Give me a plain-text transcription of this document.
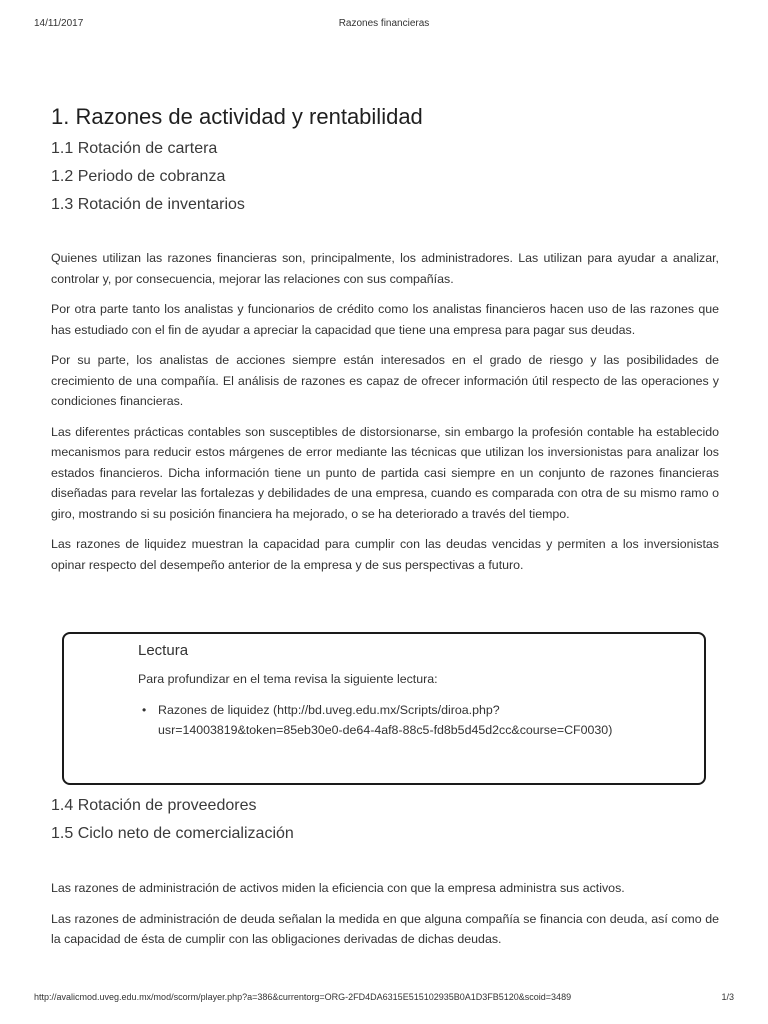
14/11/2017	Razones financieras
1. Razones de actividad y rentabilidad
1.1 Rotación de cartera
1.2 Periodo de cobranza
1.3 Rotación de inventarios

Quienes utilizan las razones financieras son, principalmente, los administradores. Las utilizan para ayudar a analizar, controlar y, por consecuencia, mejorar las relaciones con sus compañías.

Por otra parte tanto los analistas y funcionarios de crédito como los analistas financieros hacen uso de las razones que has estudiado con el fin de ayudar a apreciar la capacidad que tiene una empresa para pagar sus deudas.

Por su parte, los analistas de acciones siempre están interesados en el grado de riesgo y las posibilidades de crecimiento de una compañía. El análisis de razones es capaz de ofrecer información útil respecto de las operaciones y condiciones financieras.

Las diferentes prácticas contables son susceptibles de distorsionarse, sin embargo la profesión contable ha establecido mecanismos para reducir estos márgenes de error mediante las técnicas que utilizan los inversionistas para analizar los estados financieros. Dicha información tiene un punto de partida casi siempre en un conjunto de razones financieras diseñadas para revelar las fortalezas y debilidades de una empresa, cuando es comparada con otra de su mismo ramo o giro, mostrando si su posición financiera ha mejorado, o se ha deteriorado a través del tiempo.

Las razones de liquidez muestran la capacidad para cumplir con las deudas vencidas y permiten a los inversionistas opinar respecto del desempeño anterior de la empresa y de sus perspectivas a futuro.

Lectura
Para profundizar en el tema revisa la siguiente lectura:
• Razones de liquidez (http://bd.uveg.edu.mx/Scripts/diroa.php?
usr=14003819&token=85eb30e0-de64-4af8-88c5-fd8b5d45d2cc&course=CF0030)
1.4 Rotación de proveedores
1.5 Ciclo neto de comercialización

Las razones de administración de activos miden la eficiencia con que la empresa administra sus activos.

Las razones de administración de deuda señalan la medida en que alguna compañía se financia con deuda, así como de la capacidad de ésta de cumplir con las obligaciones derivadas de dichas deudas.

http://avalicmod.uveg.edu.mx/mod/scorm/player.php?a=386&currentorg=ORG-2FD4DA6315E515102935B0A1D3FB5120&scoid=3489	1/3
